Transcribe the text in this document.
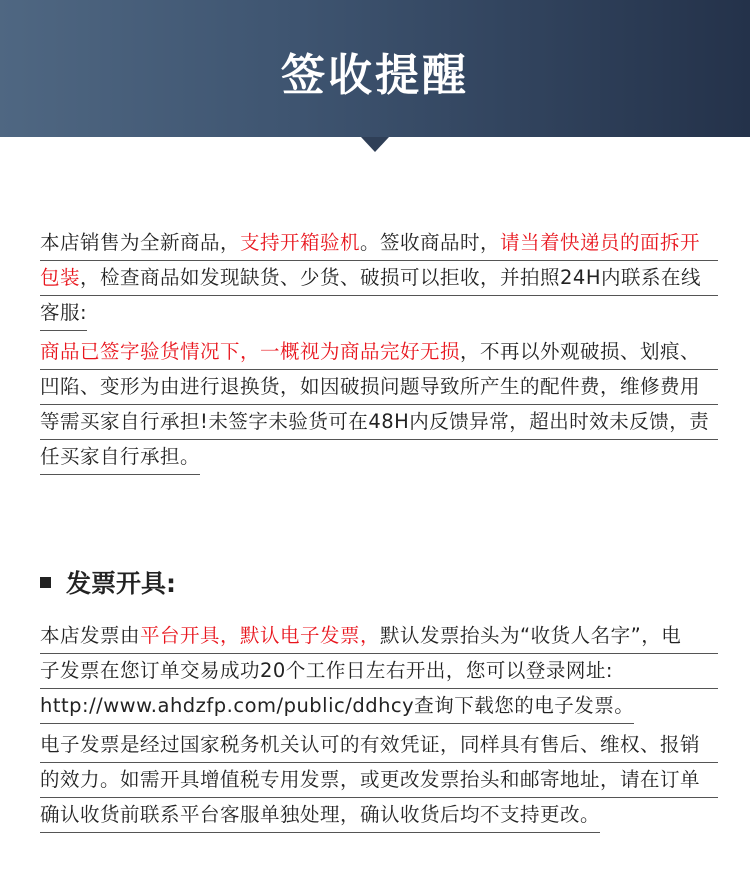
签收提醒
本店销售为全新商品，支持开箱验机。签收商品时，请当着快递员的面拆开
包装，检查商品如发现缺货、少货、破损可以拒收，并拍照24H内联系在线
客服:
商品已签字验货情况下，一概视为商品完好无损，不再以外观破损、划痕、
凹陷、变形为由进行退换货，如因破损问题导致所产生的配件费，维修费用
等需买家自行承担!未签字未验货可在48H内反馈异常，超出时效未反馈，责
任买家自行承担。
发票开具:
本店发票由平台开具，默认电子发票，默认发票抬头为“收货人名字”，电
子发票在您订单交易成功20个工作日左右开出，您可以登录网址:
http://www.ahdzfp.com/public/ddhcy查询下载您的电子发票。
电子发票是经过国家税务机关认可的有效凭证，同样具有售后、维权、报销
的效力。如需开具增值税专用发票，或更改发票抬头和邮寄地址，请在订单
确认收货前联系平台客服单独处理，确认收货后均不支持更改。
